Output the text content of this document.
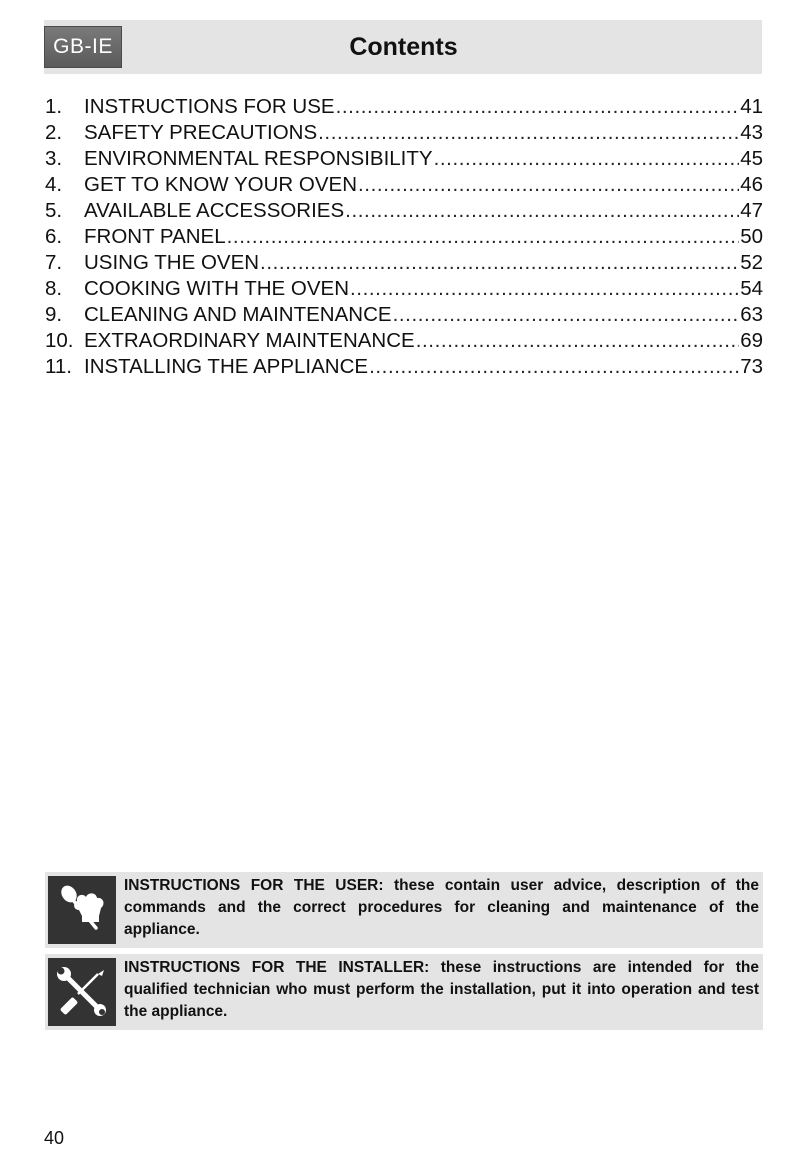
GB-IE	Contents
1.	INSTRUCTIONS FOR USE .....	41
2.	SAFETY PRECAUTIONS .....	43
3.	ENVIRONMENTAL RESPONSIBILITY .....	45
4.	GET TO KNOW YOUR OVEN .....	46
5.	AVAILABLE ACCESSORIES .....	47
6.	FRONT PANEL .....	50
7.	USING THE OVEN .....	52
8.	COOKING WITH THE OVEN .....	54
9.	CLEANING AND MAINTENANCE .....	63
10. EXTRAORDINARY MAINTENANCE .....	69
11. INSTALLING THE APPLIANCE .....	73
INSTRUCTIONS FOR THE USER: these contain user advice, description of the commands and the correct procedures for cleaning and maintenance of the appliance.
INSTRUCTIONS FOR THE INSTALLER: these instructions are intended for the qualified technician who must perform the installation, put it into operation and test the appliance.
40
